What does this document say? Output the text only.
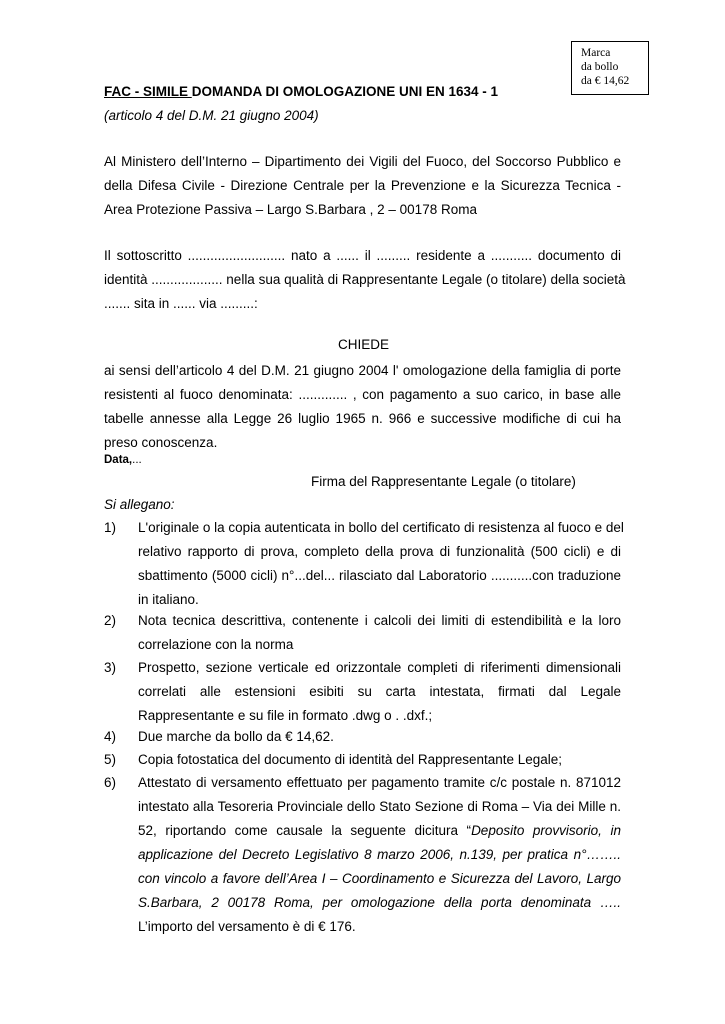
Marca
da bollo
da € 14,62
FAC - SIMILE DOMANDA DI OMOLOGAZIONE UNI EN 1634 - 1
(articolo 4 del D.M. 21 giugno 2004)
Al Ministero dell’Interno – Dipartimento dei Vigili del Fuoco, del Soccorso Pubblico e
della Difesa Civile - Direzione Centrale per la Prevenzione e la Sicurezza Tecnica -
Area Protezione Passiva – Largo S.Barbara , 2 – 00178 Roma
Il sottoscritto .......................... nato a ...... il ......... residente a ........... documento di
identità ................... nella sua qualità di Rappresentante Legale (o titolare) della società
....... sita in ...... via .........:
CHIEDE
ai sensi dell’articolo 4 del D.M. 21 giugno 2004 l' omologazione della famiglia di porte
resistenti al fuoco denominata: ............. , con pagamento a suo carico, in base alle
tabelle annesse alla Legge 26 luglio 1965 n. 966 e successive modifiche di cui ha
preso conoscenza.
Data,...
Firma del Rappresentante Legale (o titolare)
Si allegano:
1) L'originale o la copia autenticata in bollo del certificato di resistenza al fuoco e del
relativo rapporto di prova, completo della prova di funzionalità (500 cicli) e di
sbattimento (5000 cicli) n°...del... rilasciato dal Laboratorio ...........con traduzione
in italiano.
2) Nota tecnica descrittiva, contenente i calcoli dei limiti di estendibilità e la loro
correlazione con la norma
3) Prospetto, sezione verticale ed orizzontale completi di riferimenti dimensionali
correlati alle estensioni esibiti su carta intestata, firmati dal Legale
Rappresentante e su file in formato .dwg o . .dxf.;
4) Due marche da bollo da € 14,62.
5) Copia fotostatica del documento di identità del Rappresentante Legale;
6) Attestato di versamento effettuato per pagamento tramite c/c postale n. 871012
intestato alla Tesoreria Provinciale dello Stato Sezione di Roma – Via dei Mille n.
52, riportando come causale la seguente dicitura “Deposito provvisorio, in
applicazione del Decreto Legislativo 8 marzo 2006, n.139, per pratica n°……..
con vincolo a favore dell’Area I – Coordinamento e Sicurezza del Lavoro, Largo
S.Barbara, 2 00178 Roma, per omologazione della porta denominata …..
L’importo del versamento è di € 176.
